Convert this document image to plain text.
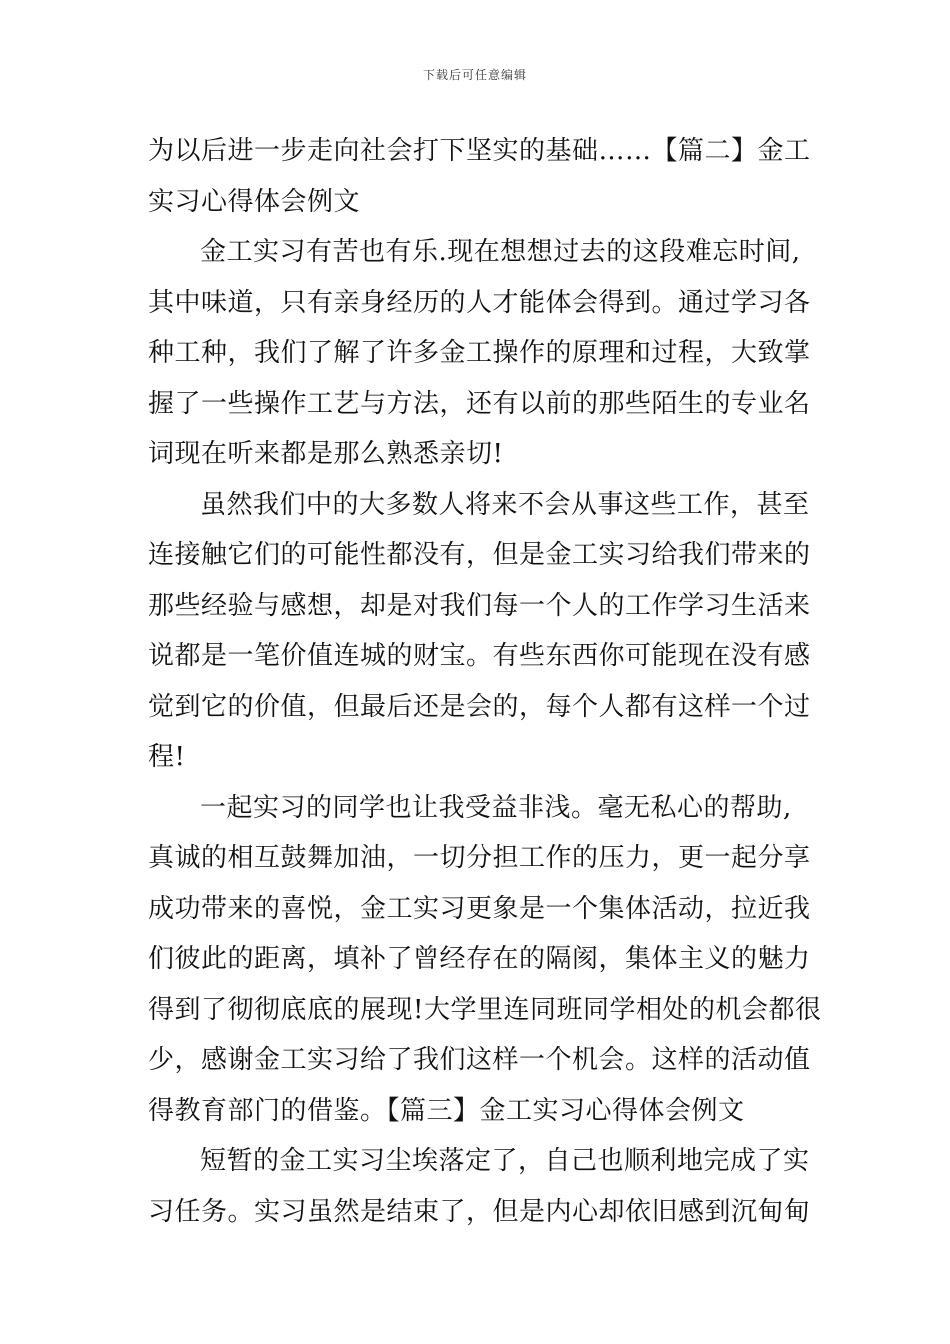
下载后可任意编辑
为以后进一步走向社会打下坚实的基础……【篇二】金工
实习心得体会例文
金工实习有苦也有乐.现在想想过去的这段难忘时间,
其中味道，只有亲身经历的人才能体会得到。通过学习各
种工种，我们了解了许多金工操作的原理和过程，大致掌
握了一些操作工艺与方法，还有以前的那些陌生的专业名
词现在听来都是那么熟悉亲切!
虽然我们中的大多数人将来不会从事这些工作，甚至
连接触它们的可能性都没有，但是金工实习给我们带来的
那些经验与感想，却是对我们每一个人的工作学习生活来
说都是一笔价值连城的财宝。有些东西你可能现在没有感
觉到它的价值，但最后还是会的，每个人都有这样一个过
程!
一起实习的同学也让我受益非浅。毫无私心的帮助,
真诚的相互鼓舞加油，一切分担工作的压力，更一起分享
成功带来的喜悦，金工实习更象是一个集体活动，拉近我
们彼此的距离，填补了曾经存在的隔阂，集体主义的魅力
得到了彻彻底底的展现!大学里连同班同学相处的机会都很
少，感谢金工实习给了我们这样一个机会。这样的活动值
得教育部门的借鉴。【篇三】金工实习心得体会例文
短暂的金工实习尘埃落定了，自己也顺利地完成了实
习任务。实习虽然是结束了，但是内心却依旧感到沉甸甸
